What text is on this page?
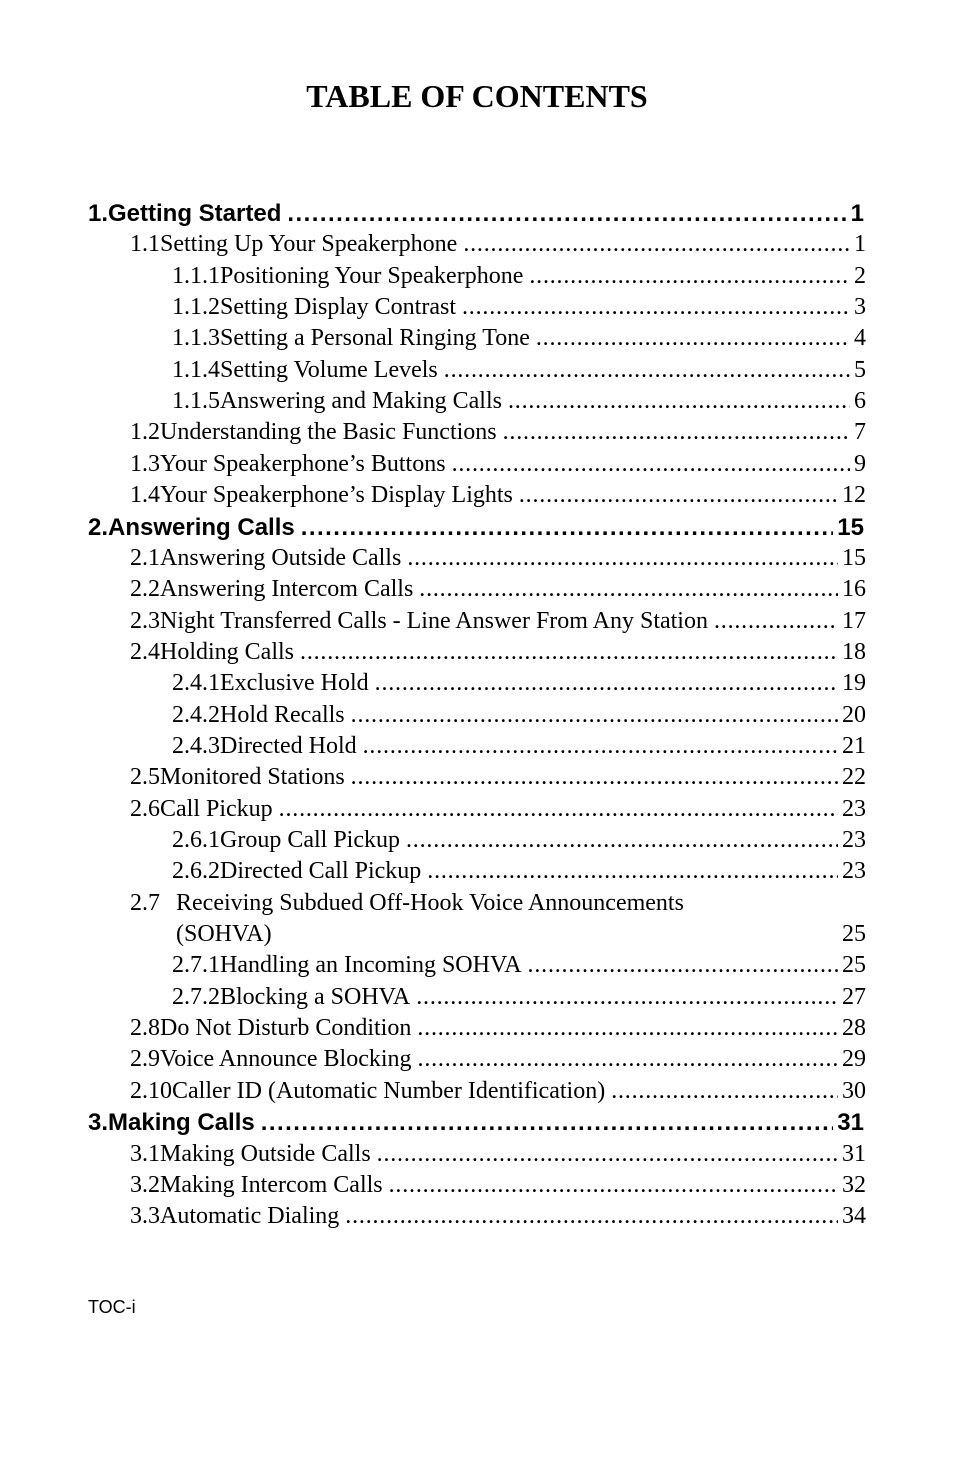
TABLE OF CONTENTS
1. Getting Started . . .	1
1.1 Setting Up Your Speakerphone . . .	1
1.1.1 Positioning Your Speakerphone . . .	2
1.1.2 Setting Display Contrast . . .	3
1.1.3 Setting a Personal Ringing Tone . . .	4
1.1.4 Setting Volume Levels . . .	5
1.1.5 Answering and Making Calls . . .	6
1.2 Understanding the Basic Functions . . .	7
1.3 Your Speakerphone’s Buttons . . .	9
1.4 Your Speakerphone’s Display Lights . . .	12
2. Answering Calls . . .	15
2.1 Answering Outside Calls . . .	15
2.2 Answering Intercom Calls . . .	16
2.3 Night Transferred Calls - Line Answer From Any Station . . .	17
2.4 Holding Calls . . .	18
2.4.1 Exclusive Hold . . .	19
2.4.2 Hold Recalls . . .	20
2.4.3 Directed Hold . . .	21
2.5 Monitored Stations . . .	22
2.6 Call Pickup . . .	23
2.6.1 Group Call Pickup . . .	23
2.6.2 Directed Call Pickup . . .	23
2.7 Receiving Subdued Off-Hook Voice Announcements
(SOHVA)	25
2.7.1 Handling an Incoming SOHVA . . .	25
2.7.2 Blocking a SOHVA . . .	27
2.8 Do Not Disturb Condition . . .	28
2.9 Voice Announce Blocking . . .	29
2.10 Caller ID (Automatic Number Identification) . . .	30
3. Making Calls . . .	31
3.1 Making Outside Calls . . .	31
3.2 Making Intercom Calls . . .	32
3.3 Automatic Dialing . . .	34
TOC-i
